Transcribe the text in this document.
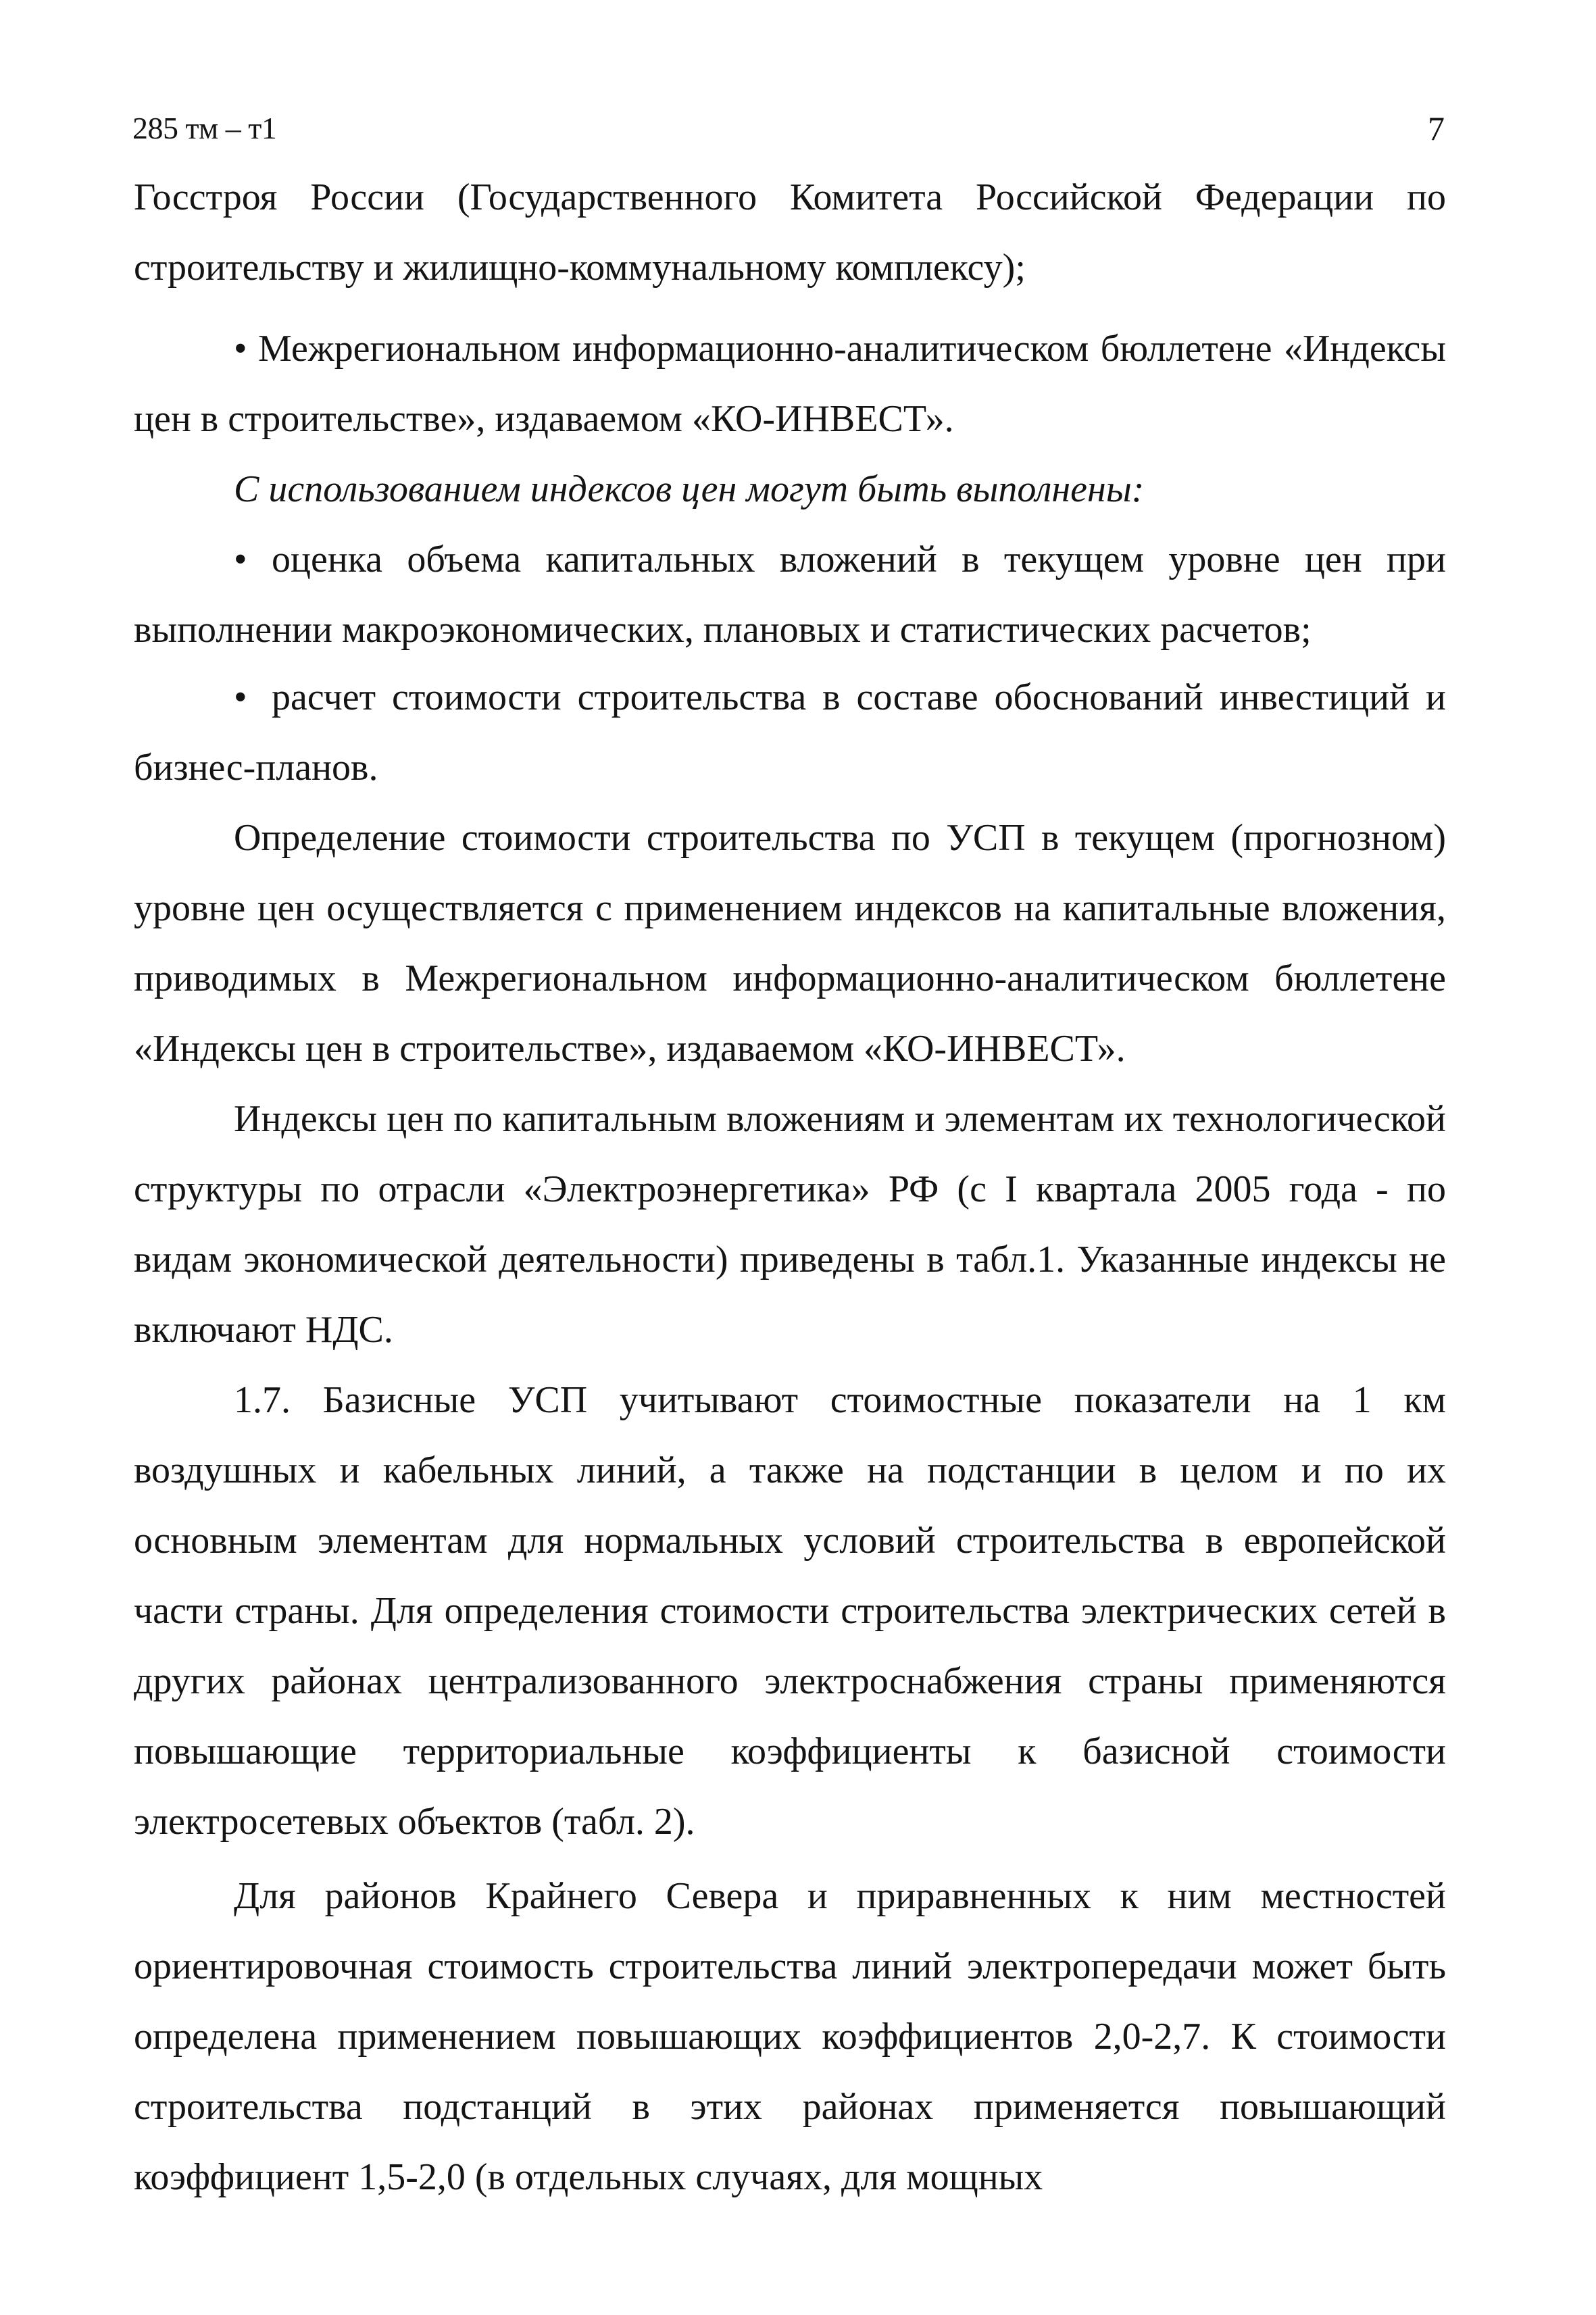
285 тм – т1	7

Госстроя России (Государственного Комитета Российской Федерации по строительству и жилищно-коммунальному комплексу);

• Межрегиональном информационно-аналитическом бюллетене «Индексы цен в строительстве», издаваемом «КО-ИНВЕСТ».

С использованием индексов цен могут быть выполнены:

• оценка объема капитальных вложений в текущем уровне цен при выполнении макроэкономических, плановых и статистических расчетов;

• расчет стоимости строительства в составе обоснований инвестиций и бизнес-планов.

Определение стоимости строительства по УСП в текущем (прогнозном) уровне цен осуществляется с применением индексов на капитальные вложения, приводимых в Межрегиональном информационно-аналитическом бюллетене «Индексы цен в строительстве», издаваемом «КО-ИНВЕСТ».

Индексы цен по капитальным вложениям и элементам их технологической структуры по отрасли «Электроэнергетика» РФ (с I квартала 2005 года - по видам экономической деятельности) приведены в табл.1. Указанные индексы не включают НДС.

1.7. Базисные УСП учитывают стоимостные показатели на 1 км воздушных и кабельных линий, а также на подстанции в целом и по их основным элементам для нормальных условий строительства в европейской части страны. Для определения стоимости строительства электрических сетей в других районах централизованного электроснабжения страны применяются повышающие территориальные коэффициенты к базисной стоимости электросетевых объектов (табл. 2).

Для районов Крайнего Севера и приравненных к ним местностей ориентировочная стоимость строительства линий электропередачи может быть определена применением повышающих коэффициентов 2,0-2,7. К стоимости строительства подстанций в этих районах применяется повышающий коэффициент 1,5-2,0 (в отдельных случаях, для мощных
